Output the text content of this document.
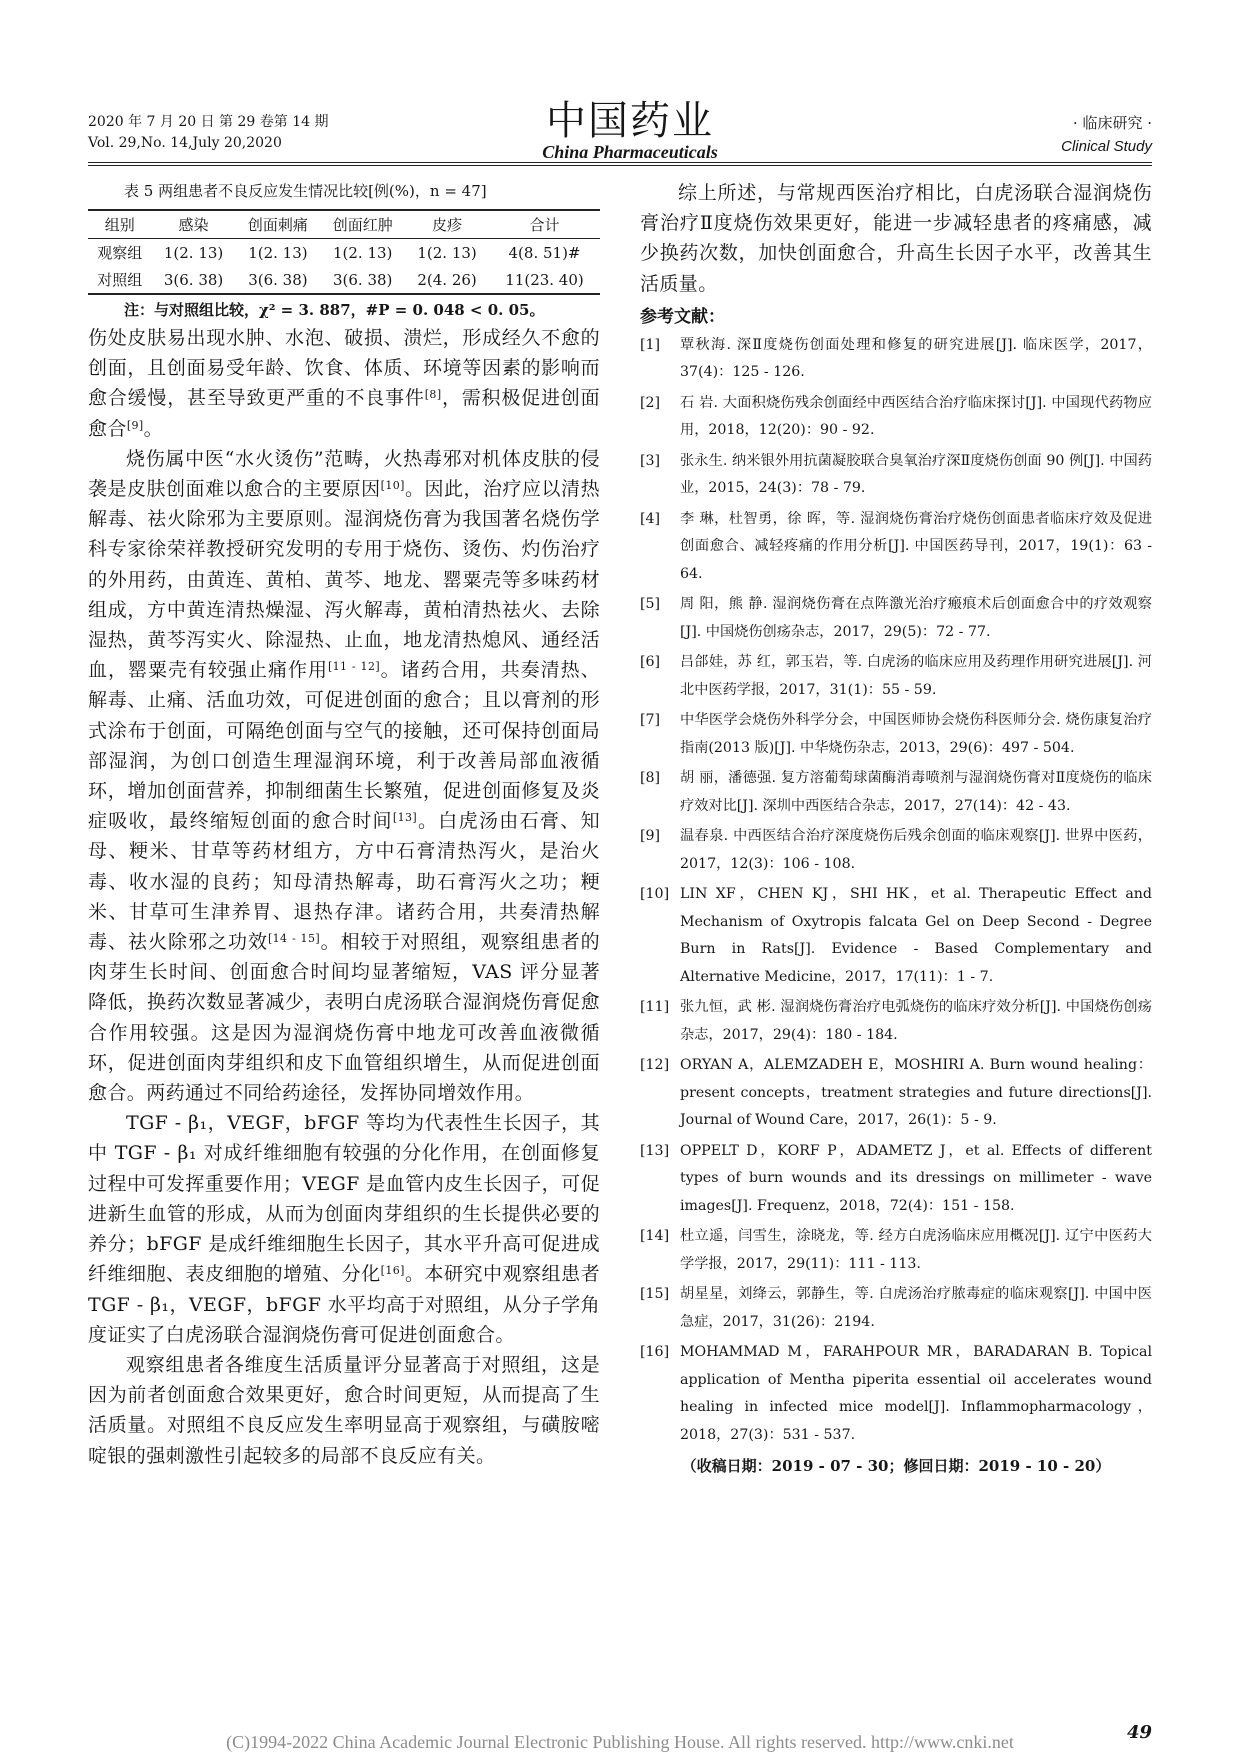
2020 年 7 月 20 日 第 29 卷第 14 期
Vol. 29,No. 14,July 20,2020	中国药业
China Pharmaceuticals
· 临床研究 ·
Clinical Study
表 5 两组患者不良反应发生情况比较[例(%)，n = 47]
组别	感染	创面刺痛	创面红肿	皮疹	合计
观察组	1(2. 13)	1(2. 13)	1(2. 13)	1(2. 13)	4(8. 51)#
对照组	3(6. 38)	3(6. 38)	3(6. 38)	2(4. 26)	11(23. 40)
注：与对照组比较，χ² = 3. 887，#P = 0. 048 < 0. 05。

伤处皮肤易出现水肿、水泡、破损、溃烂，形成经久不愈的创面，且创面易受年龄、饮食、体质、环境等因素的影响而愈合缓慢，甚至导致更严重的不良事件[8]，需积极促进创面愈合[9]。

烧伤属中医“水火烫伤”范畴，火热毒邪对机体皮肤的侵袭是皮肤创面难以愈合的主要原因[10]。因此，治疗应以清热解毒、祛火除邪为主要原则。湿润烧伤膏为我国著名烧伤学科专家徐荣祥教授研究发明的专用于烧伤、烫伤、灼伤治疗的外用药，由黄连、黄柏、黄芩、地龙、罂粟壳等多味药材组成，方中黄连清热燥湿、泻火解毒，黄柏清热祛火、去除湿热，黄芩泻实火、除湿热、止血，地龙清热熄风、通经活血，罂粟壳有较强止痛作用[11 - 12]。诸药合用，共奏清热、解毒、止痛、活血功效，可促进创面的愈合；且以膏剂的形式涂布于创面，可隔绝创面与空气的接触，还可保持创面局部湿润，为创口创造生理湿润环境，利于改善局部血液循环，增加创面营养，抑制细菌生长繁殖，促进创面修复及炎症吸收，最终缩短创面的愈合时间[13]。白虎汤由石膏、知母、粳米、甘草等药材组方，方中石膏清热泻火，是治火毒、收水湿的良药；知母清热解毒，助石膏泻火之功；粳米、甘草可生津养胃、退热存津。诸药合用，共奏清热解毒、祛火除邪之功效[14 - 15]。相较于对照组，观察组患者的肉芽生长时间、创面愈合时间均显著缩短，VAS 评分显著降低，换药次数显著减少，表明白虎汤联合湿润烧伤膏促愈合作用较强。这是因为湿润烧伤膏中地龙可改善血液微循环，促进创面肉芽组织和皮下血管组织增生，从而促进创面愈合。两药通过不同给药途径，发挥协同增效作用。

TGF - β₁，VEGF，bFGF 等均为代表性生长因子，其中 TGF - β₁ 对成纤维细胞有较强的分化作用，在创面修复过程中可发挥重要作用；VEGF 是血管内皮生长因子，可促进新生血管的形成，从而为创面肉芽组织的生长提供必要的养分；bFGF 是成纤维细胞生长因子，其水平升高可促进成纤维细胞、表皮细胞的增殖、分化[16]。本研究中观察组患者 TGF - β₁，VEGF，bFGF 水平均高于对照组，从分子学角度证实了白虎汤联合湿润烧伤膏可促进创面愈合。

观察组患者各维度生活质量评分显著高于对照组，这是因为前者创面愈合效果更好，愈合时间更短，从而提高了生活质量。对照组不良反应发生率明显高于观察组，与磺胺嘧啶银的强刺激性引起较多的局部不良反应有关。

综上所述，与常规西医治疗相比，白虎汤联合湿润烧伤膏治疗Ⅱ度烧伤效果更好，能进一步减轻患者的疼痛感，减少换药次数，加快创面愈合，升高生长因子水平，改善其生活质量。

参考文献：
[1]	覃秋海. 深Ⅱ度烧伤创面处理和修复的研究进展[J]. 临床医学，2017，37(4)：125 - 126.
[2]	石 岩. 大面积烧伤残余创面经中西医结合治疗临床探讨[J]. 中国现代药物应用，2018，12(20)：90 - 92.
[3]	张永生. 纳米银外用抗菌凝胶联合臭氧治疗深Ⅱ度烧伤创面 90 例[J]. 中国药业，2015，24(3)：78 - 79.
[4]	李 琳，杜智勇，徐 晖，等. 湿润烧伤膏治疗烧伤创面患者临床疗效及促进创面愈合、减轻疼痛的作用分析[J]. 中国医药导刊，2017，19(1)：63 - 64.
[5]	周 阳，熊 静. 湿润烧伤膏在点阵激光治疗瘢痕术后创面愈合中的疗效观察[J]. 中国烧伤创疡杂志，2017，29(5)：72 - 77.
[6]	吕郃娃，苏 红，郭玉岩，等. 白虎汤的临床应用及药理作用研究进展[J]. 河北中医药学报，2017，31(1)：55 - 59.
[7]	中华医学会烧伤外科学分会，中国医师协会烧伤科医师分会. 烧伤康复治疗指南(2013 版)[J]. 中华烧伤杂志，2013，29(6)：497 - 504.
[8]	胡 丽，潘德强. 复方溶葡萄球菌酶消毒喷剂与湿润烧伤膏对Ⅱ度烧伤的临床疗效对比[J]. 深圳中西医结合杂志，2017，27(14)：42 - 43.
[9]	温春泉. 中西医结合治疗深度烧伤后残余创面的临床观察[J]. 世界中医药，2017，12(3)：106 - 108.
[10] LIN XF，CHEN KJ，SHI HK，et al. Therapeutic Effect and Mechanism of Oxytropis falcata Gel on Deep Second - Degree Burn in Rats[J]. Evidence - Based Complementary and Alternative Medicine，2017，17(11)：1 - 7.
[11] 张九恒，武 彬. 湿润烧伤膏治疗电弧烧伤的临床疗效分析[J]. 中国烧伤创疡杂志，2017，29(4)：180 - 184.
[12] ORYAN A，ALEMZADEH E，MOSHIRI A. Burn wound healing：present concepts，treatment strategies and future directions[J]. Journal of Wound Care，2017，26(1)：5 - 9.
[13] OPPELT D，KORF P，ADAMETZ J，et al. Effects of different types of burn wounds and its dressings on millimeter - wave images[J]. Frequenz，2018，72(4)：151 - 158.
[14] 杜立遥，闫雪生，涂晓龙，等. 经方白虎汤临床应用概况[J]. 辽宁中医药大学学报，2017，29(11)：111 - 113.
[15] 胡星星，刘绛云，郭静生，等. 白虎汤治疗脓毒症的临床观察[J]. 中国中医急症，2017，31(26)：2194.
[16] MOHAMMAD M，FARAHPOUR MR，BARADARAN B. Topical application of Mentha piperita essential oil accelerates wound healing in infected mice model[J]. Inflammopharmacology，2018，27(3)：531 - 537.
（收稿日期：2019 - 07 - 30；修回日期：2019 - 10 - 20）
49
(C)1994-2022 China Academic Journal Electronic Publishing House. All rights reserved. http://www.cnki.net
